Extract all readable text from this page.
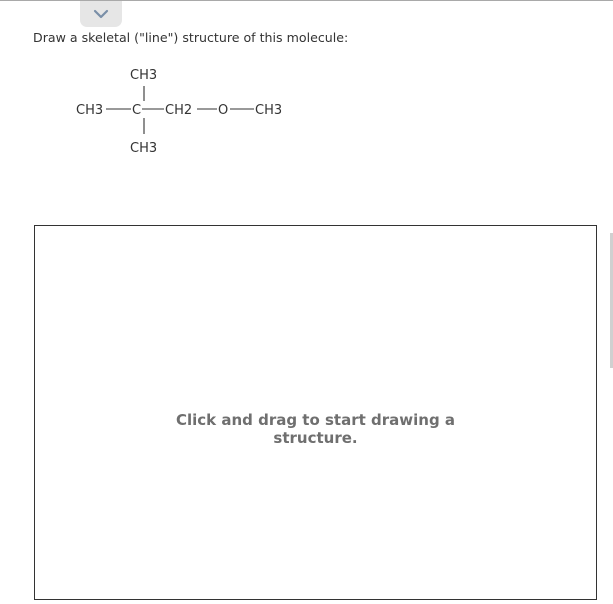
Draw a skeletal ("line") structure of this molecule:
CH3
CH3 C CH2 O CH3
CH3
Click and drag to start drawing a
structure.
